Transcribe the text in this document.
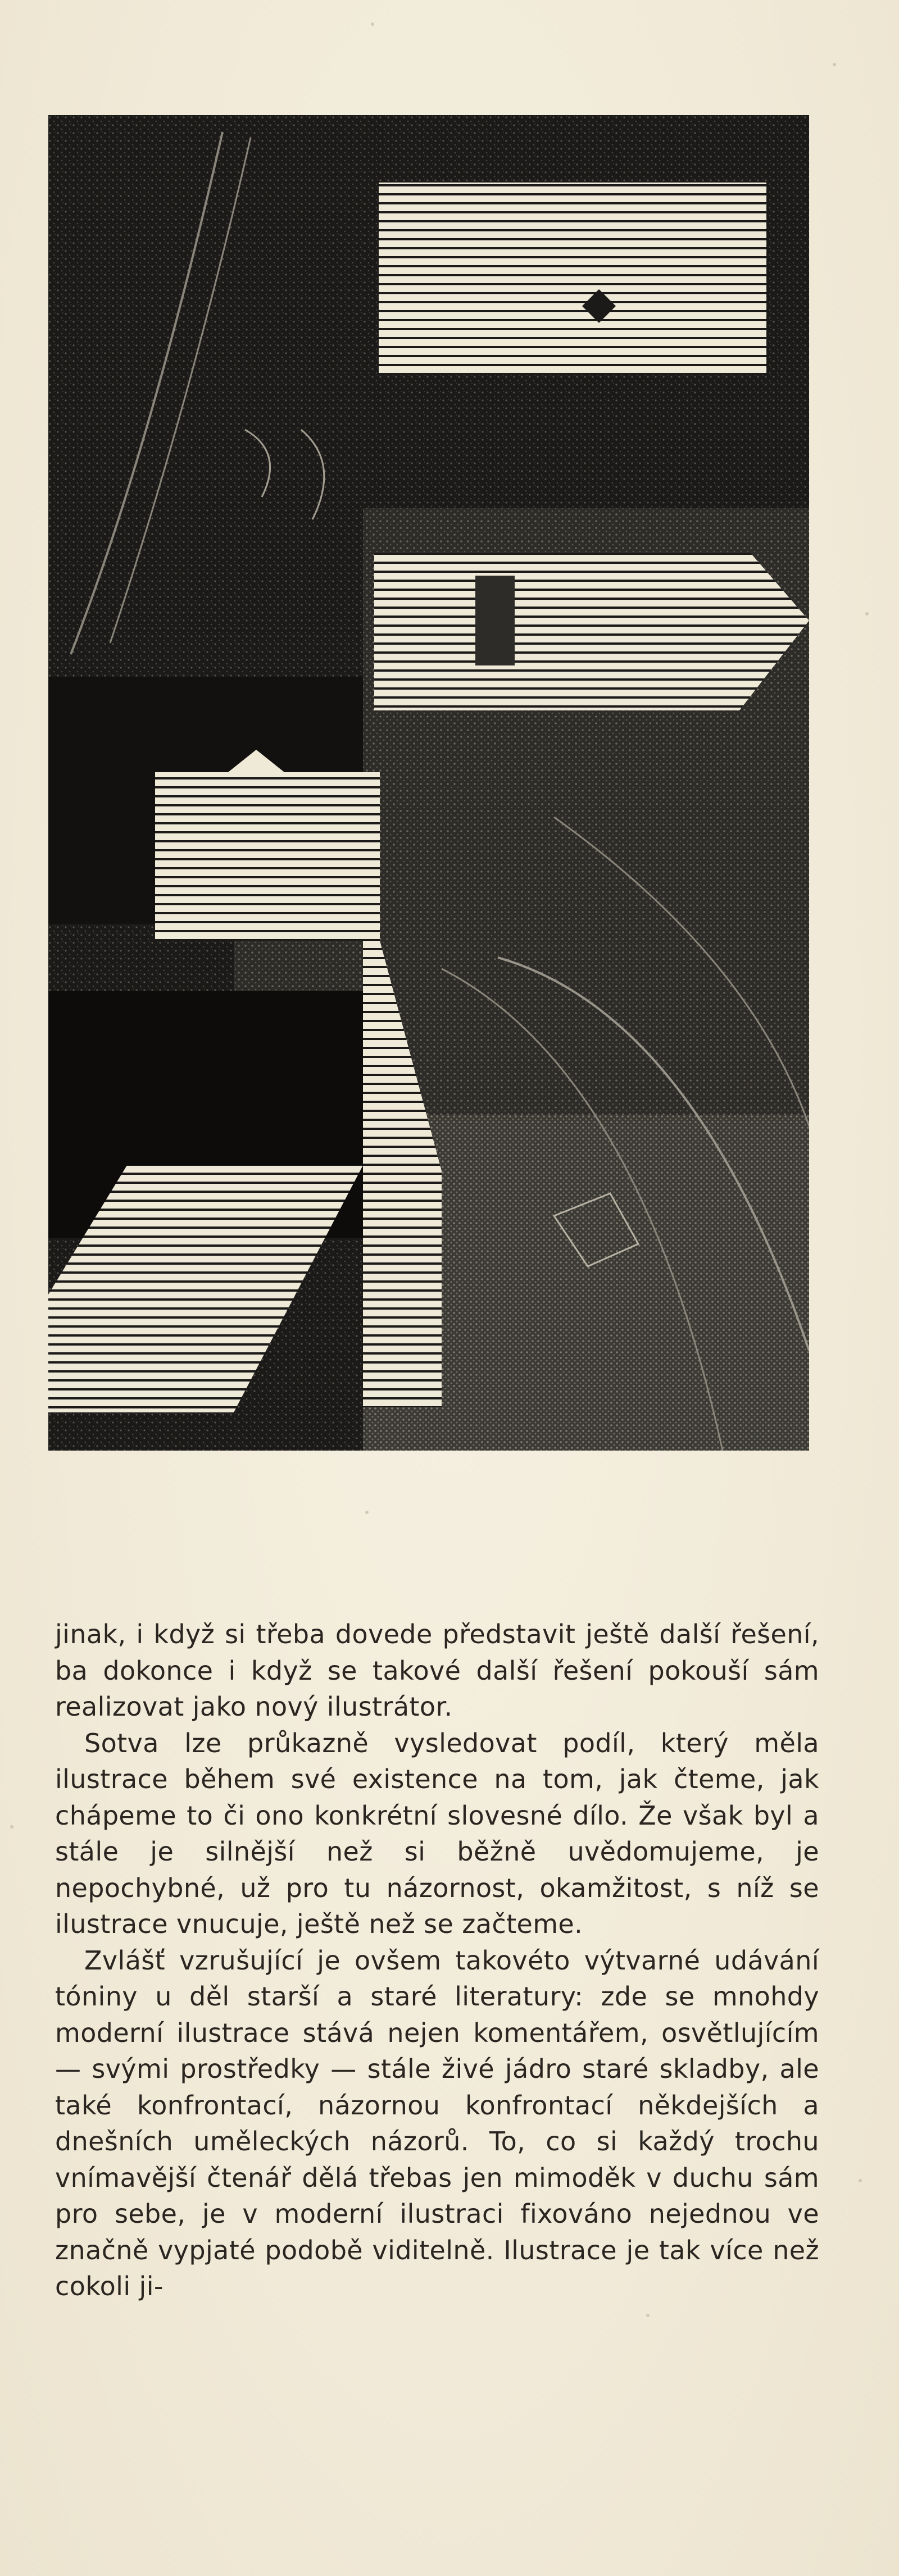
jinak, i když si třeba dovede představit ještě další řešení, ba dokonce i když se takové další řešení pokouší sám realizovat jako nový ilustrátor.

Sotva lze průkazně vysledovat podíl, který měla ilustrace během své existence na tom, jak čteme, jak chápeme to či ono konkrétní slovesné dílo. Že však byl a stále je silnější než si běžně uvědomujeme, je nepochybné, už pro tu názornost, okamžitost, s níž se ilustrace vnucuje, ještě než se začteme.

Zvlášť vzrušující je ovšem takovéto výtvarné udávání tóniny u děl starší a staré literatury: zde se mnohdy moderní ilustrace stává nejen komentářem, osvětlujícím — svými prostředky — stále živé jádro staré skladby, ale také konfrontací, názornou konfrontací někdejších a dnešních uměleckých názorů. To, co si každý trochu vnímavější čtenář dělá třebas jen mimoděk v duchu sám pro sebe, je v moderní ilustraci fixováno nejednou ve značně vypjaté podobě viditelně. Ilustrace je tak více než cokoli ji-
